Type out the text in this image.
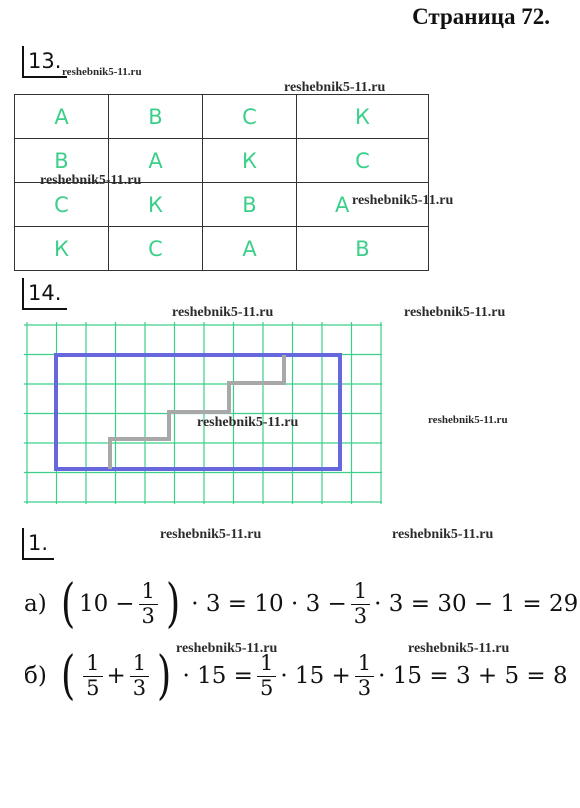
Страница 72.
13. reshebnik5-11.ru
reshebnik5-11.ru
А	В	С	К
В	А	К	С
С	К	В	А
К	С	А	В
reshebnik5-11.ru
reshebnik5-11.ru
14.
reshebnik5-11.ru	reshebnik5-11.ru
reshebnik5-11.ru	reshebnik5-11.ru
1.	reshebnik5-11.ru	reshebnik5-11.ru
а) ( $10 - \frac{1}{3}$ ) · $3 = 10 \cdot 3 - \frac{1}{3} \cdot 3 = 30 - 1 = 29$
reshebnik5-11.ru	reshebnik5-11.ru
б) ( $\frac{1}{5} + \frac{1}{3}$ ) · $15 = \frac{1}{5} \cdot 15 + \frac{1}{3} \cdot 15 = 3 + 5 = 8$
